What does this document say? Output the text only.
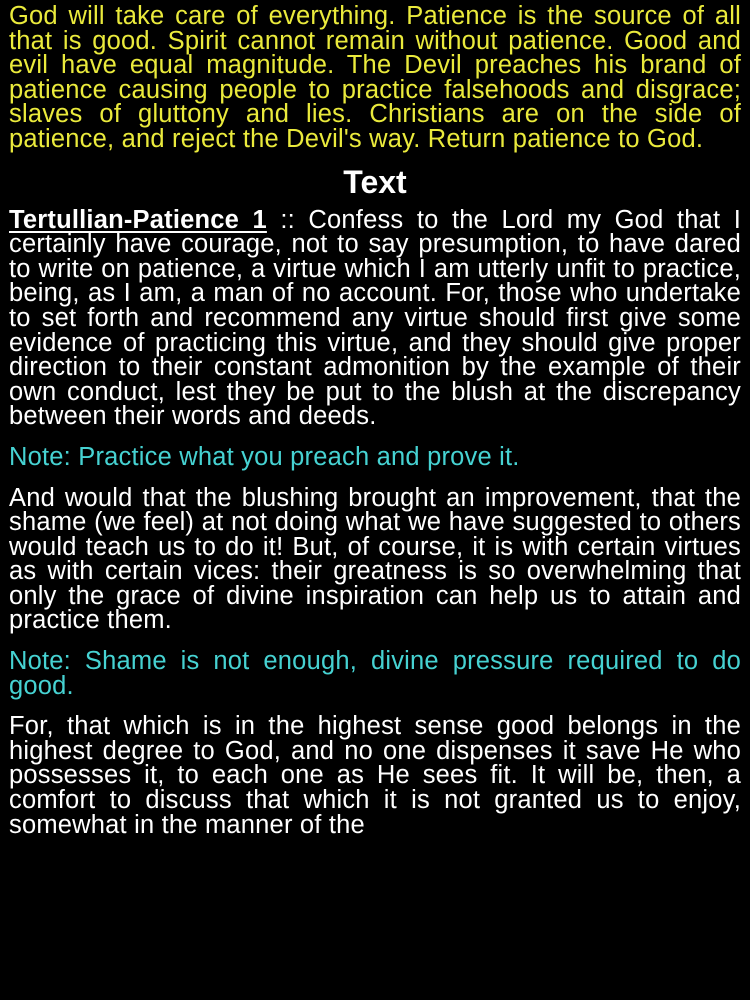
God will take care of everything. Patience is the source of all that is good. Spirit cannot remain without patience. Good and evil have equal magnitude. The Devil preaches his brand of patience causing people to practice falsehoods and disgrace; slaves of gluttony and lies. Christians are on the side of patience, and reject the Devil's way. Return patience to God.

Text

Tertullian-Patience 1 :: Confess to the Lord my God that I certainly have courage, not to say presumption, to have dared to write on patience, a virtue which I am utterly unfit to practice, being, as I am, a man of no account. For, those who undertake to set forth and recommend any virtue should first give some evidence of practicing this virtue, and they should give proper direction to their constant admonition by the example of their own conduct, lest they be put to the blush at the discrepancy between their words and deeds.

Note: Practice what you preach and prove it.

And would that the blushing brought an improvement, that the shame (we feel) at not doing what we have suggested to others would teach us to do it! But, of course, it is with certain virtues as with certain vices: their greatness is so overwhelming that only the grace of divine inspiration can help us to attain and practice them.

Note: Shame is not enough, divine pressure required to do good.

For, that which is in the highest sense good belongs in the highest degree to God, and no one dispenses it save He who possesses it, to each one as He sees fit. It will be, then, a comfort to discuss that which it is not granted us to enjoy, somewhat in the manner of the
